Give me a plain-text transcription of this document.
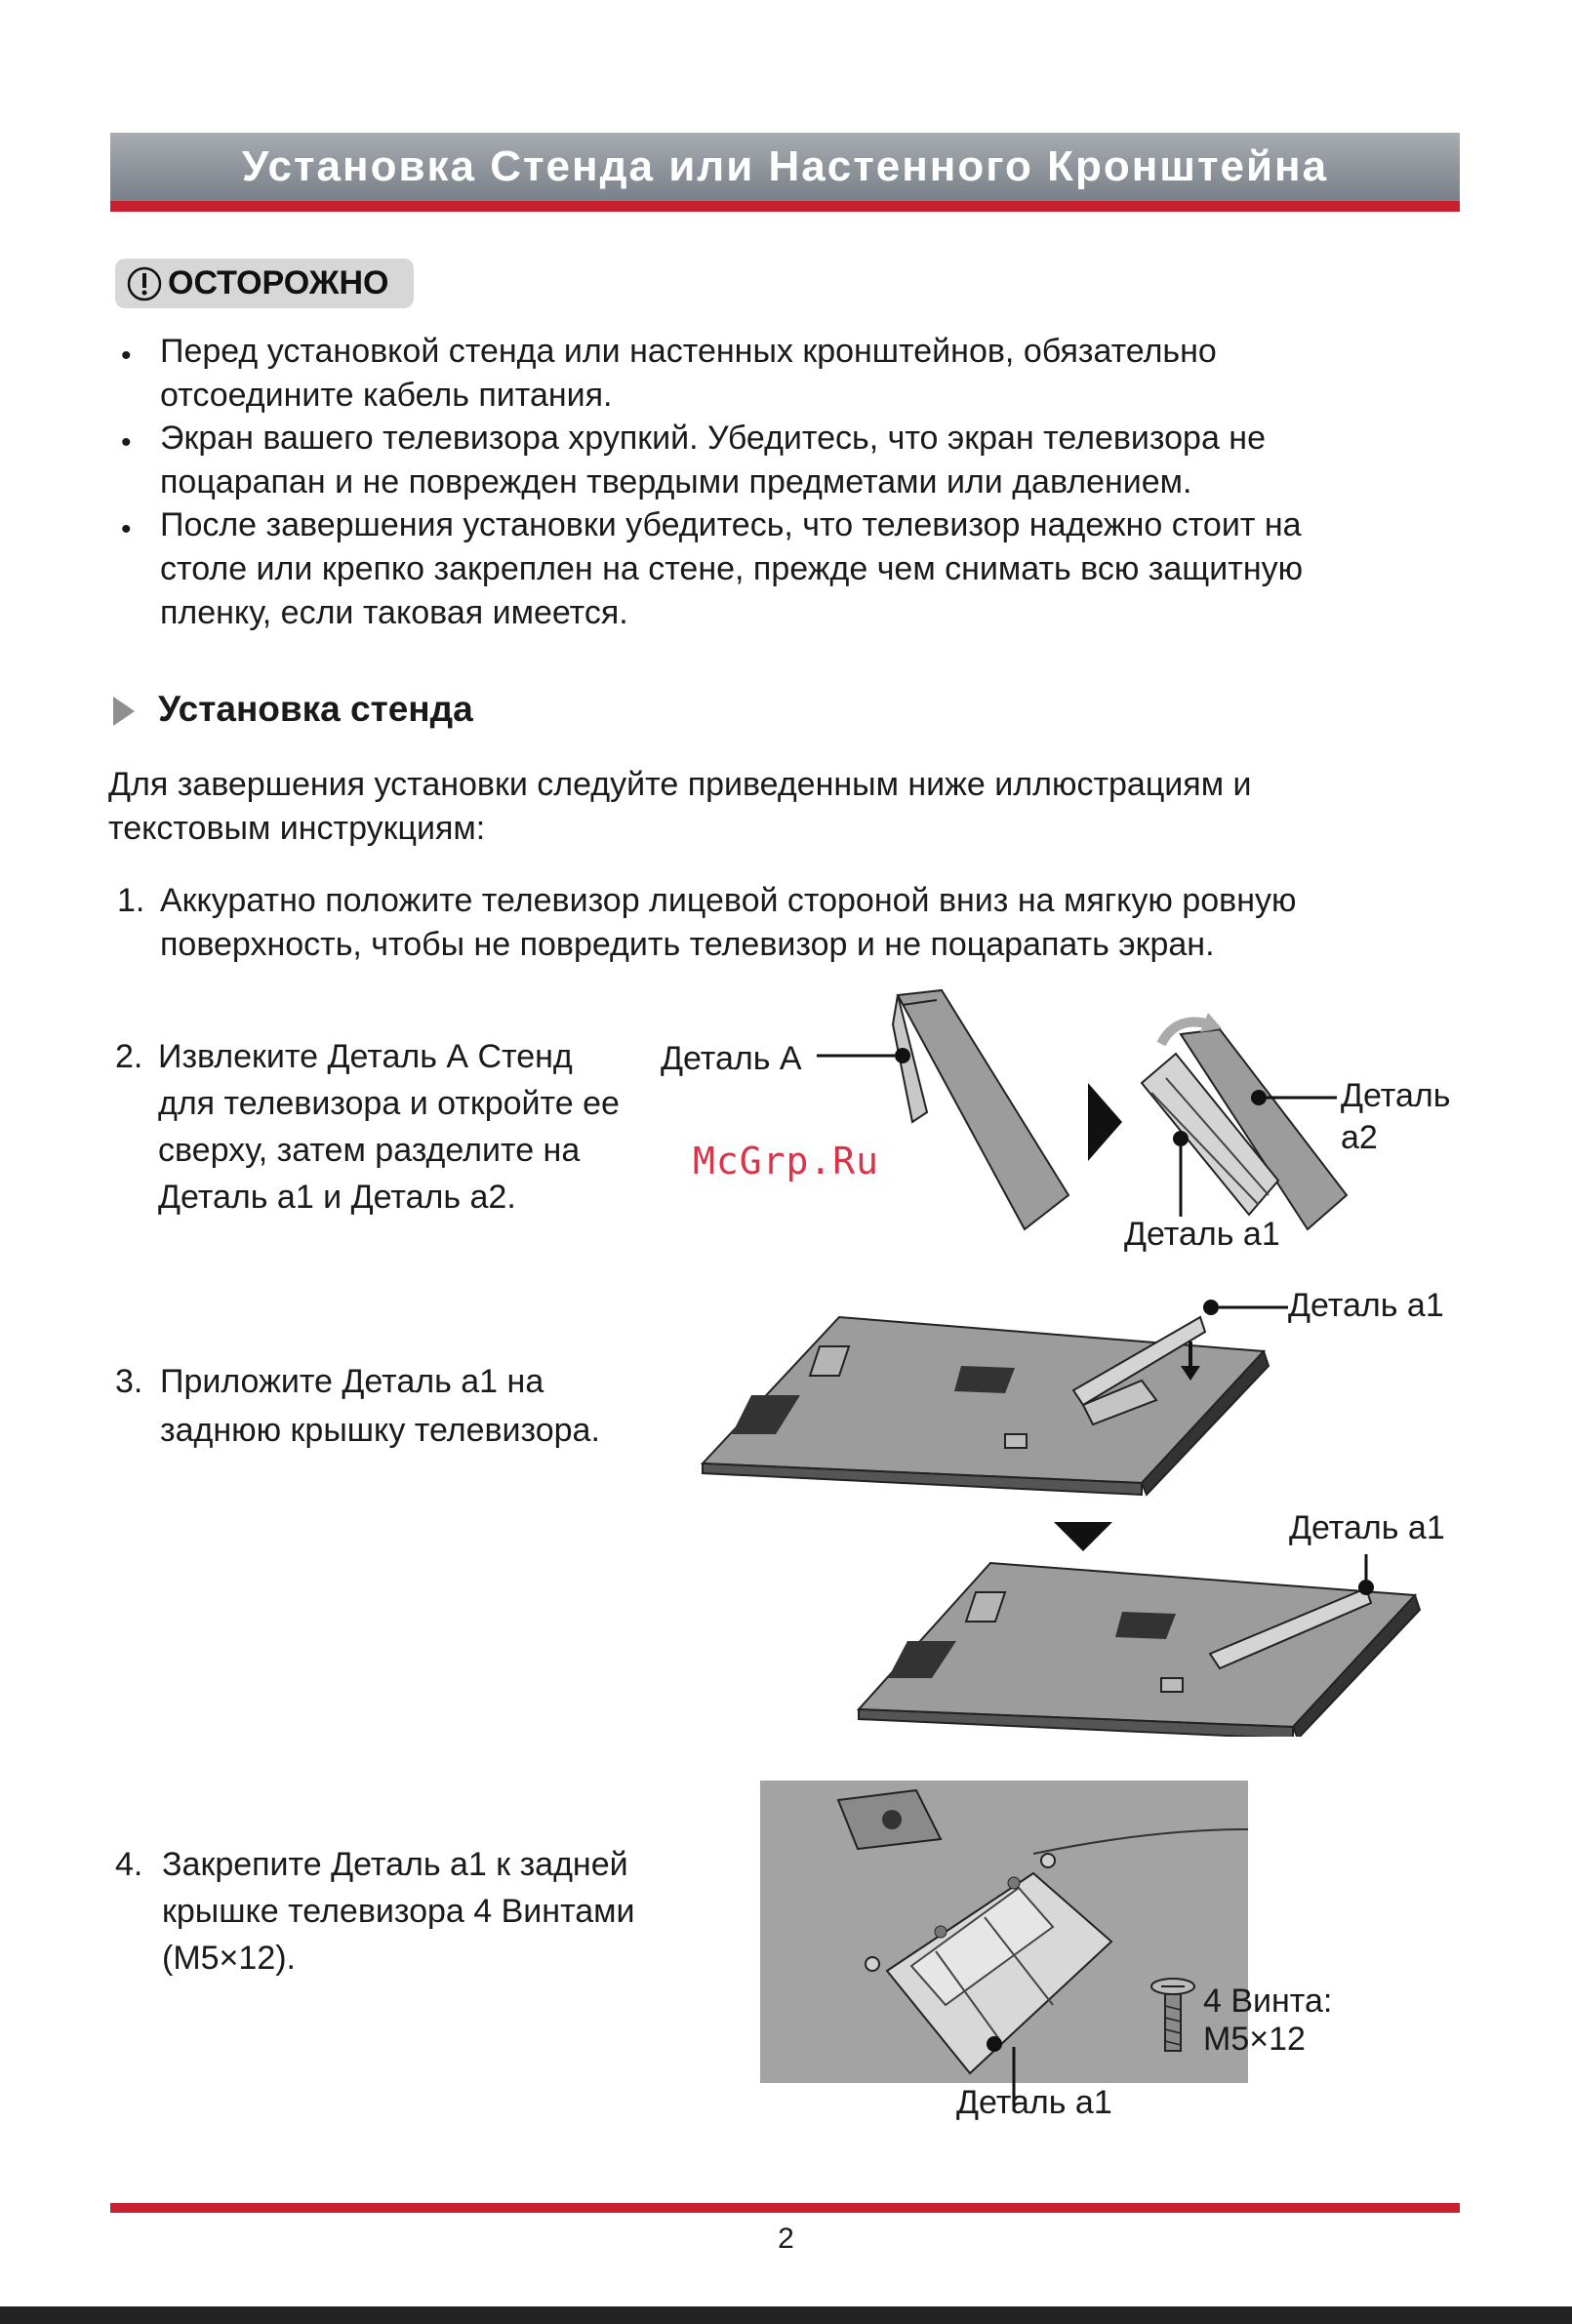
Установка Стенда или Настенного Кронштейна
ОСТОРОЖНО
• Перед установкой стенда или настенных кронштейнов, обязательно
отсоедините кабель питания.
• Экран вашего телевизора хрупкий. Убедитесь, что экран телевизора не
поцарапан и не поврежден твердыми предметами или давлением.
• После завершения установки убедитесь, что телевизор надежно стоит на
столе или крепко закреплен на стене, прежде чем снимать всю защитную
пленку, если таковая имеется.
Установка стенда
Для завершения установки следуйте приведенным ниже иллюстрациям и
текстовым инструкциям:
1. Аккуратно положите телевизор лицевой стороной вниз на мягкую ровную
поверхность, чтобы не повредить телевизор и не поцарапать экран.
2. Извлеките Деталь А Стенд
для телевизора и откройте ее
сверху, затем разделите на
Деталь а1 и Деталь а2.
Деталь А
Деталь
a2
Деталь a1
McGrp.Ru
3. Приложите Деталь а1 на
заднюю крышку телевизора.
Деталь a1
Деталь a1
4. Закрепите Деталь а1 к задней
крышке телевизора 4 Винтами
(M5×12).
4 Винта:
M5×12
Деталь a1
2
